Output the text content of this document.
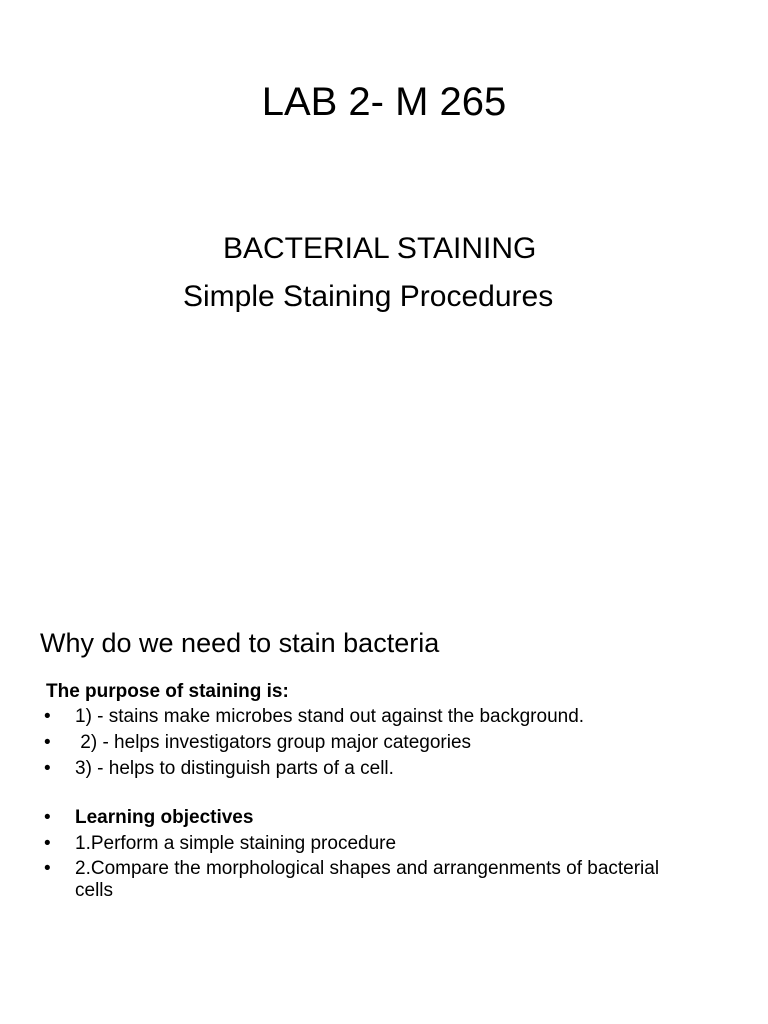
LAB 2- M 265
BACTERIAL STAINING
Simple Staining Procedures
Why do we need to stain bacteria
The purpose of staining is:
• 1) - stains make microbes stand out against the background.
• 2) - helps investigators group major categories
• 3) - helps to distinguish parts of a cell.
• Learning objectives
• 1.Perform a simple staining procedure
• 2.Compare the morphological shapes and arrangenments of bacterial cells
